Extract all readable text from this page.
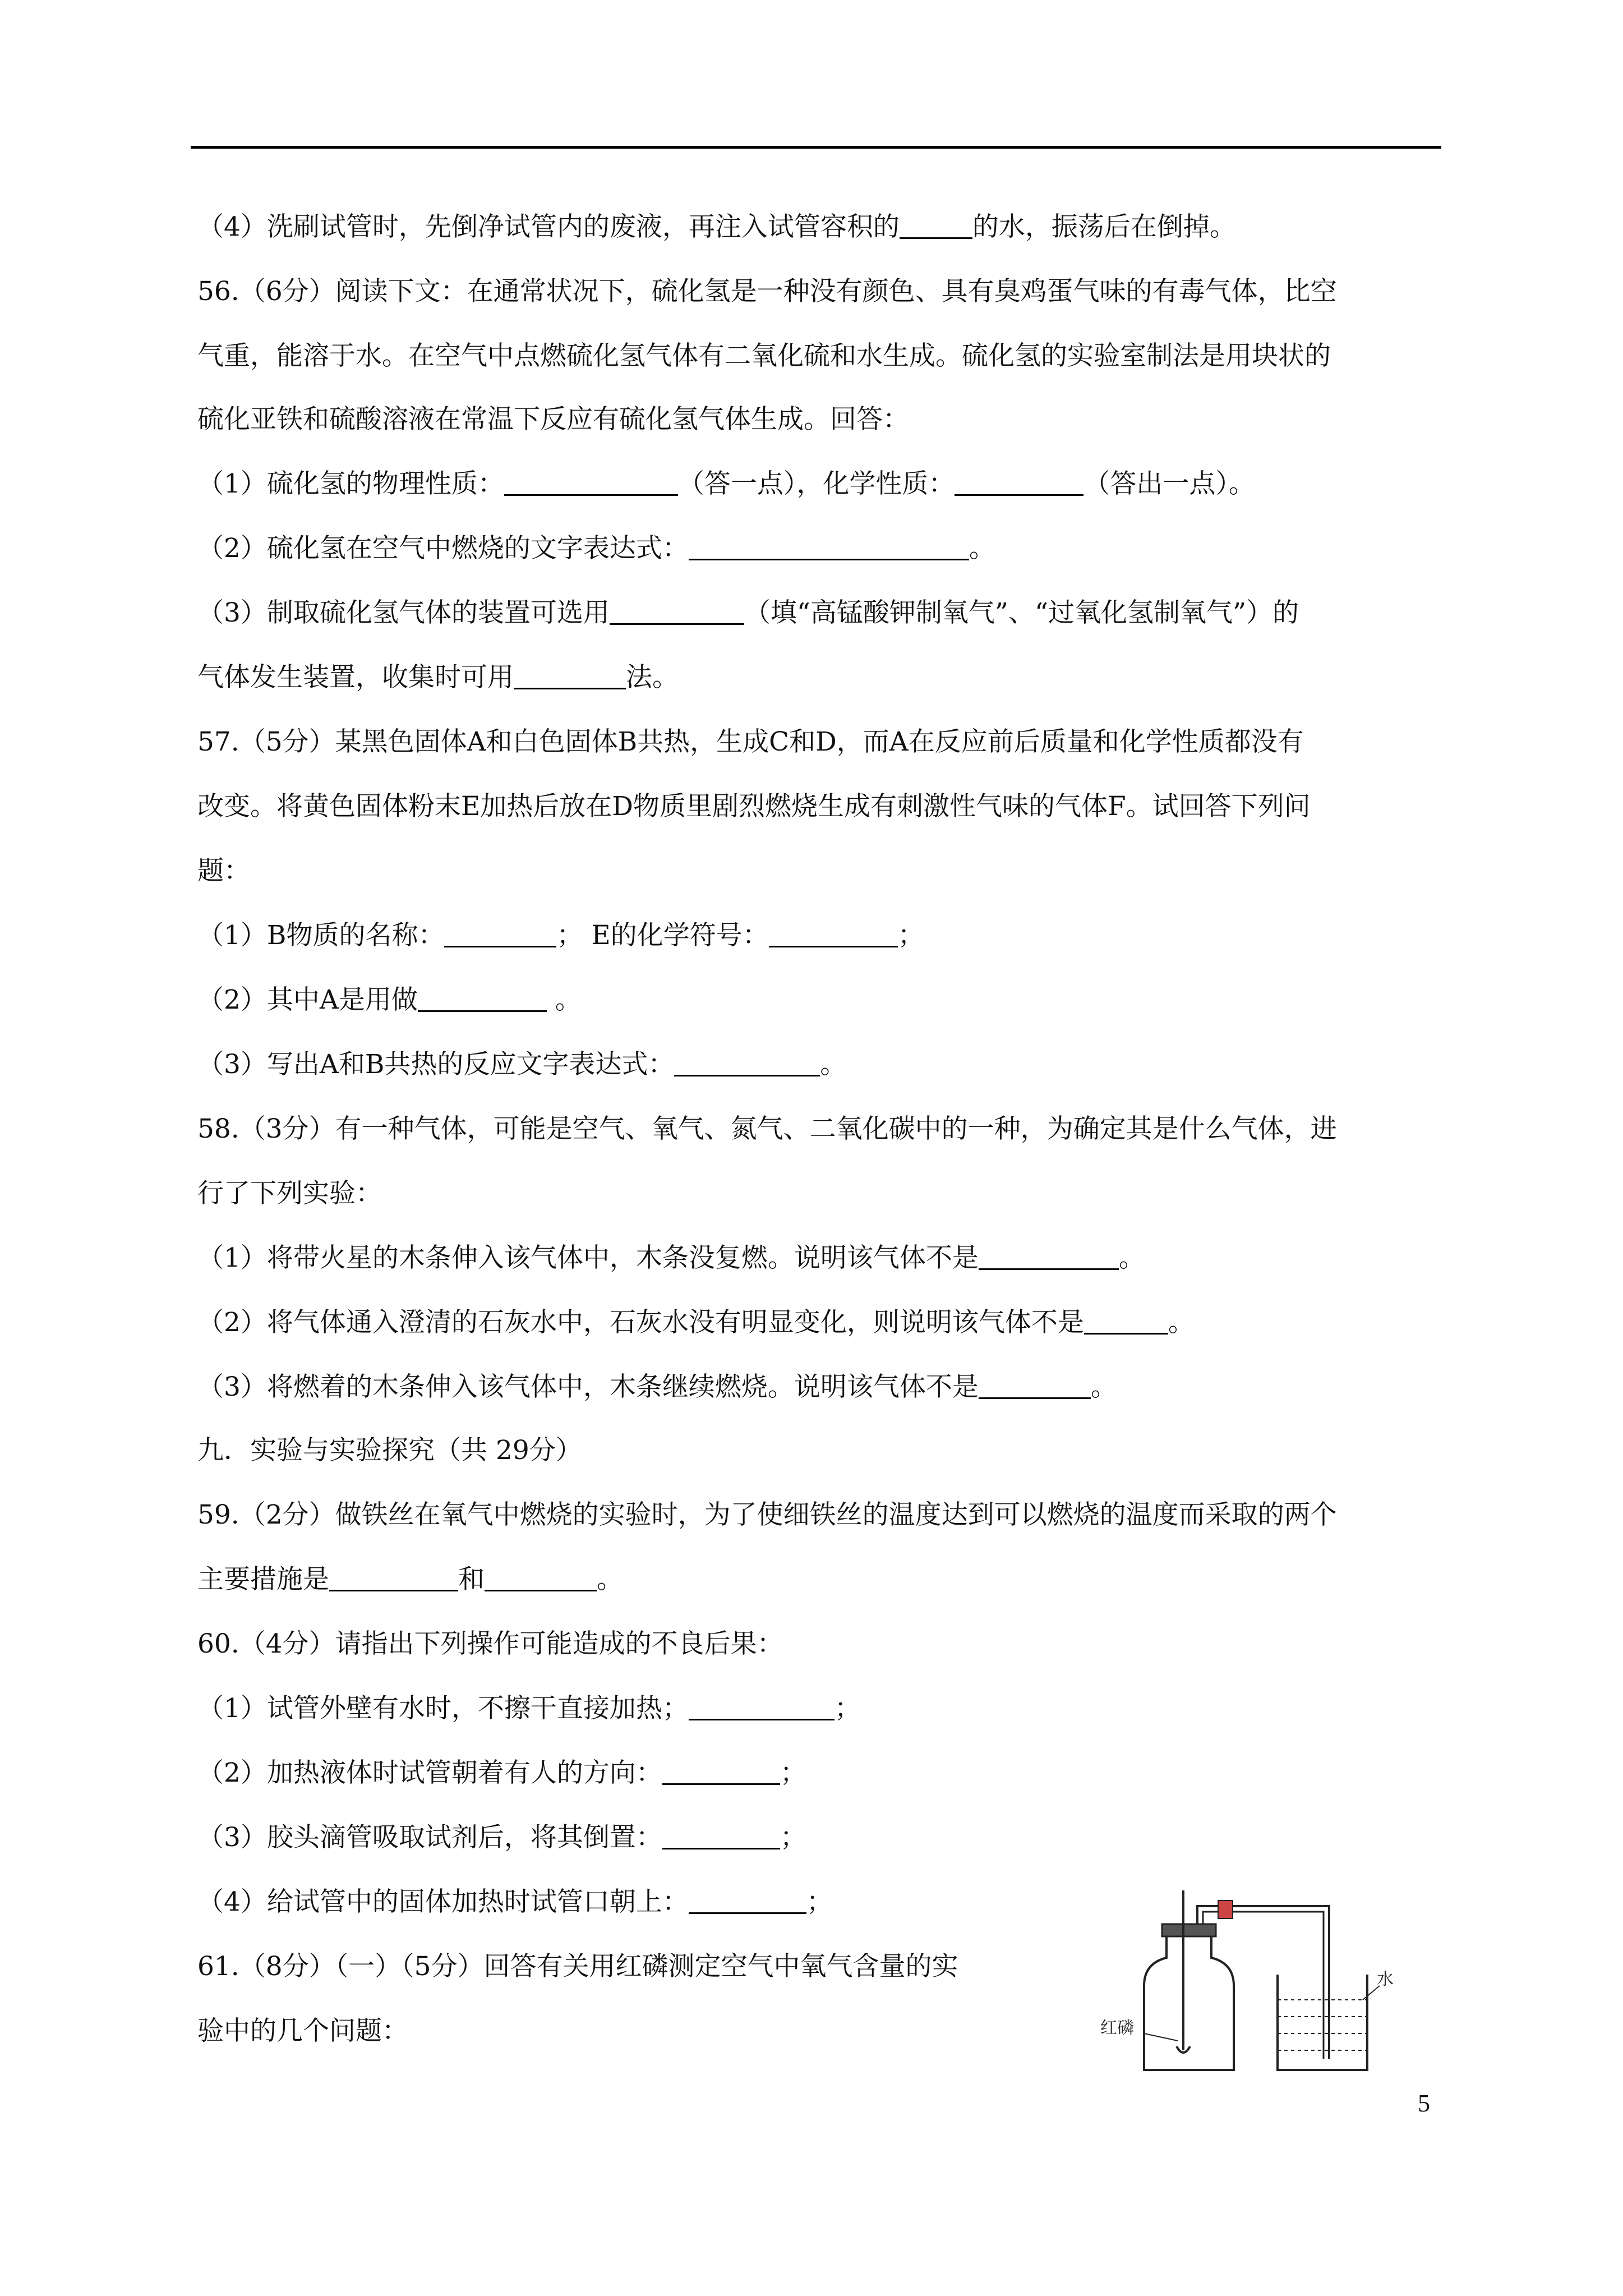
（4）洗刷试管时，先倒净试管内的废液，再注入试管容积的	的水，振荡后在倒掉。
56.（6分）阅读下文：在通常状况下，硫化氢是一种没有颜色、具有臭鸡蛋气味的有毒气体，比空
气重，能溶于水。在空气中点燃硫化氢气体有二氧化硫和水生成。硫化氢的实验室制法是用块状的
硫化亚铁和硫酸溶液在常温下反应有硫化氢气体生成。回答：
（1）硫化氢的物理性质：	（答一点），化学性质：	（答出一点）。
（2）硫化氢在空气中燃烧的文字表达式：	。
（3）制取硫化氢气体的装置可选用	（填“高锰酸钾制氧气”、“过氧化氢制氧气”）的
气体发生装置，收集时可用	法。
57.（5分）某黑色固体A和白色固体B共热，生成C和D，而A在反应前后质量和化学性质都没有
改变。将黄色固体粉末E加热后放在D物质里剧烈燃烧生成有刺激性气味的气体F。试回答下列问
题：
（1）B物质的名称：	； E的化学符号：	；
（2）其中A是用做	。
（3）写出A和B共热的反应文字表达式：	。
58.（3分）有一种气体，可能是空气、氧气、氮气、二氧化碳中的一种，为确定其是什么气体，进
行了下列实验：
（1）将带火星的木条伸入该气体中，木条没复燃。说明该气体不是	。
（2）将气体通入澄清的石灰水中，石灰水没有明显变化，则说明该气体不是	。
（3）将燃着的木条伸入该气体中，木条继续燃烧。说明该气体不是	。
九．实验与实验探究（共 29分）
59.（2分）做铁丝在氧气中燃烧的实验时，为了使细铁丝的温度达到可以燃烧的温度而采取的两个
主要措施是	和	。
60.（4分）请指出下列操作可能造成的不良后果：
（1）试管外壁有水时，不擦干直接加热；	；
（2）加热液体时试管朝着有人的方向：	；
（3）胶头滴管吸取试剂后，将其倒置：	；
（4）给试管中的固体加热时试管口朝上：	；
61.（8分）（一）（5分）回答有关用红磷测定空气中氧气含量的实
验中的几个问题：	红磷
水
5
